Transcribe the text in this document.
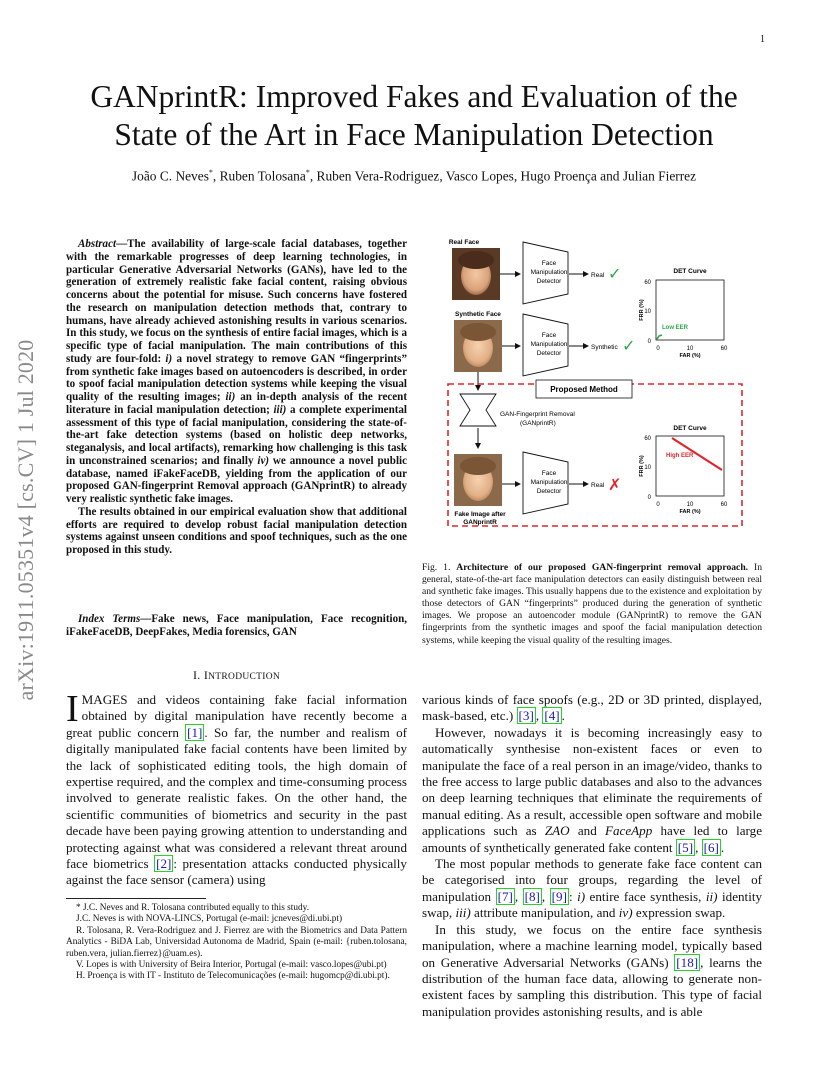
1
GANprintR: Improved Fakes and Evaluation of the
State of the Art in Face Manipulation Detection
João C. Neves*, Ruben Tolosana*, Ruben Vera-Rodriguez, Vasco Lopes, Hugo Proença and Julian Fierrez
arXiv:1911.05351v4 [cs.CV] 1 Jul 2020

Abstract—The availability of large-scale facial databases, together with the remarkable progresses of deep learning technologies, in particular Generative Adversarial Networks (GANs), have led to the generation of extremely realistic fake facial content, raising obvious concerns about the potential for misuse. Such concerns have fostered the research on manipulation detection methods that, contrary to humans, have already achieved astonishing results in various scenarios. In this study, we focus on the synthesis of entire facial images, which is a specific type of facial manipulation. The main contributions of this study are four-fold: i) a novel strategy to remove GAN “fingerprints” from synthetic fake images based on autoencoders is described, in order to spoof facial manipulation detection systems while keeping the visual quality of the resulting images; ii) an in-depth analysis of the recent literature in facial manipulation detection; iii) a complete experimental assessment of this type of facial manipulation, considering the state-of-the-art fake detection systems (based on holistic deep networks, steganalysis, and local artifacts), remarking how challenging is this task in unconstrained scenarios; and finally iv) we announce a novel public database, named iFakeFaceDB, yielding from the application of our proposed GAN-fingerprint Removal approach (GANprintR) to already very realistic synthetic fake images.

The results obtained in our empirical evaluation show that additional efforts are required to develop robust facial manipulation detection systems against unseen conditions and spoof techniques, such as the one proposed in this study.

Index Terms—Fake news, Face manipulation, Face recognition, iFakeFaceDB, DeepFakes, Media forensics, GAN
I. INTRODUCTION

IMAGES and videos containing fake facial information obtained by digital manipulation have recently become a great public concern [1] . So far, the number and realism of digitally manipulated fake facial contents have been limited by the lack of sophisticated editing tools, the high domain of expertise required, and the complex and time-consuming process involved to generate realistic fakes. On the other hand, the scientific communities of biometrics and security in the past decade have been paying growing attention to understanding and protecting against what was considered a relevant threat around face biometrics [2] : presentation attacks conducted physically against the face sensor (camera) using

* J.C. Neves and R. Tolosana contributed equally to this study.

J.C. Neves is with NOVA-LINCS, Portugal (e-mail: jcneves@di.ubi.pt)

R. Tolosana, R. Vera-Rodriguez and J. Fierrez are with the Biometrics and Data Pattern Analytics - BiDA Lab, Universidad Autonoma de Madrid, Spain (e-mail: {ruben.tolosana, ruben.vera, julian.fierrez}@uam.es).

V. Lopes is with University of Beira Interior, Portugal (e-mail: vasco.lopes@ubi.pt)

H. Proença is with IT - Instituto de Telecomunicações (e-mail: hugomcp@di.ubi.pt).

Real Face
Face
Manipulation
Detector
Real ✓	DET Curve
60
10
0
0	10	60
FAR (%)
FRR (%)
Low EER
Synthetic Face
Face
Manipulation
Detector
Synthetic ✓
Proposed Method
GAN-Fingerprint Removal
(GANprintR)
Fake Image after
GANprintR
Face
Manipulation
Detector
Real ✗
DET Curve
60
10
0
0	10	60
FAR (%)
FRR (%)	High EER
Fig. 1. Architecture of our proposed GAN-fingerprint removal approach. In general, state-of-the-art face manipulation detectors can easily distinguish between real and synthetic fake images. This usually happens due to the existence and exploitation by those detectors of GAN “fingerprints” produced during the generation of synthetic images. We propose an autoencoder module (GANprintR) to remove the GAN fingerprints from the synthetic images and spoof the facial manipulation detection systems, while keeping the visual quality of the resulting images.

various kinds of face spoofs (e.g., 2D or 3D printed, displayed, mask-based, etc.) [3] , [4] .

However, nowadays it is becoming increasingly easy to automatically synthesise non-existent faces or even to manipulate the face of a real person in an image/video, thanks to the free access to large public databases and also to the advances on deep learning techniques that eliminate the requirements of manual editing. As a result, accessible open software and mobile applications such as ZAO and FaceApp have led to large amounts of synthetically generated fake content [5] , [6] .

The most popular methods to generate fake face content can be categorised into four groups, regarding the level of manipulation [7] , [8] , [9] : i) entire face synthesis, ii) identity swap, iii) attribute manipulation, and iv) expression swap.

In this study, we focus on the entire face synthesis manipulation, where a machine learning model, typically based on Generative Adversarial Networks (GANs) [18] , learns the distribution of the human face data, allowing to generate non-existent faces by sampling this distribution. This type of facial manipulation provides astonishing results, and is able
